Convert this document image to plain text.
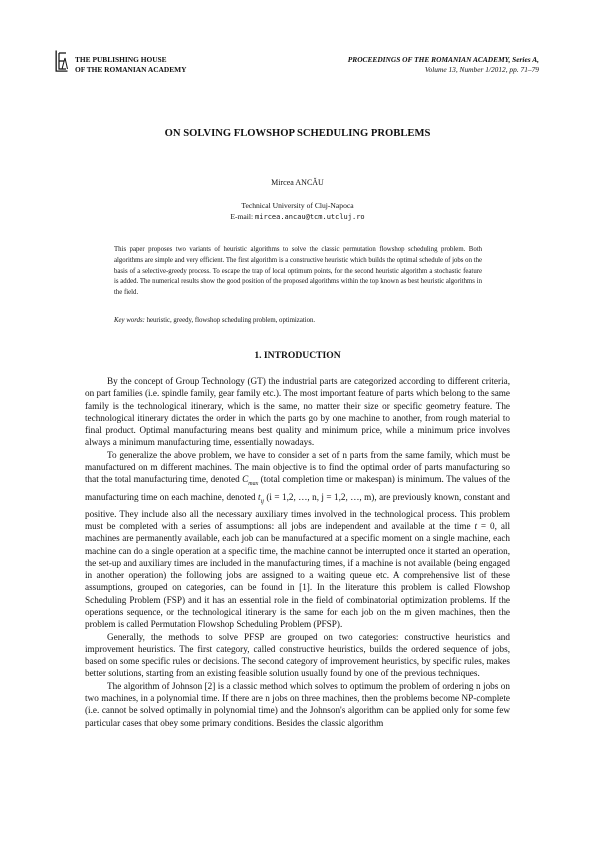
THE PUBLISHING HOUSE
OF THE ROMANIAN ACADEMY
PROCEEDINGS OF THE ROMANIAN ACADEMY, Series A,
Volume 13, Number 1/2012, pp. 71–79
ON SOLVING FLOWSHOP SCHEDULING PROBLEMS
Mircea ANCĂU
Technical University of Cluj-Napoca
E-mail: mircea.ancau@tcm.utcluj.ro
This paper proposes two variants of heuristic algorithms to solve the classic permutation flowshop scheduling problem. Both algorithms are simple and very efficient. The first algorithm is a constructive heuristic which builds the optimal schedule of jobs on the basis of a selective-greedy process. To escape the trap of local optimum points, for the second heuristic algorithm a stochastic feature is added. The numerical results show the good position of the proposed algorithms within the top known as best heuristic algorithms in the field.
Key words: heuristic, greedy, flowshop scheduling problem, optimization.
1. INTRODUCTION

By the concept of Group Technology (GT) the industrial parts are categorized according to different criteria, on part families (i.e. spindle family, gear family etc.). The most important feature of parts which belong to the same family is the technological itinerary, which is the same, no matter their size or specific geometry feature. The technological itinerary dictates the order in which the parts go by one machine to another, from rough material to final product. Optimal manufacturing means best quality and minimum price, while a minimum price involves always a minimum manufacturing time, essentially nowadays.

To generalize the above problem, we have to consider a set of n parts from the same family, which must be manufactured on m different machines. The main objective is to find the optimal order of parts manufacturing so that the total manufacturing time, denoted $C_{max}$ (total completion time or makespan) is minimum. The values of the manufacturing time on each machine, denoted $t_{ij}$ (i = 1,2, …, n, j = 1,2, …, m), are previously known, constant and positive. They include also all the necessary auxiliary times involved in the technological process. This problem must be completed with a series of assumptions: all jobs are independent and available at the time t = 0, all machines are permanently available, each job can be manufactured at a specific moment on a single machine, each machine can do a single operation at a specific time, the machine cannot be interrupted once it started an operation, the set-up and auxiliary times are included in the manufacturing times, if a machine is not available (being engaged in another operation) the following jobs are assigned to a waiting queue etc. A comprehensive list of these assumptions, grouped on categories, can be found in [1]. In the literature this problem is called Flowshop Scheduling Problem (FSP) and it has an essential role in the field of combinatorial optimization problems. If the operations sequence, or the technological itinerary is the same for each job on the m given machines, then the problem is called Permutation Flowshop Scheduling Problem (PFSP).

Generally, the methods to solve PFSP are grouped on two categories: constructive heuristics and improvement heuristics. The first category, called constructive heuristics, builds the ordered sequence of jobs, based on some specific rules or decisions. The second category of improvement heuristics, by specific rules, makes better solutions, starting from an existing feasible solution usually found by one of the previous techniques.

The algorithm of Johnson [2] is a classic method which solves to optimum the problem of ordering n jobs on two machines, in a polynomial time. If there are n jobs on three machines, then the problems become NP-complete (i.e. cannot be solved optimally in polynomial time) and the Johnson's algorithm can be applied only for some few particular cases that obey some primary conditions. Besides the classic algorithm
